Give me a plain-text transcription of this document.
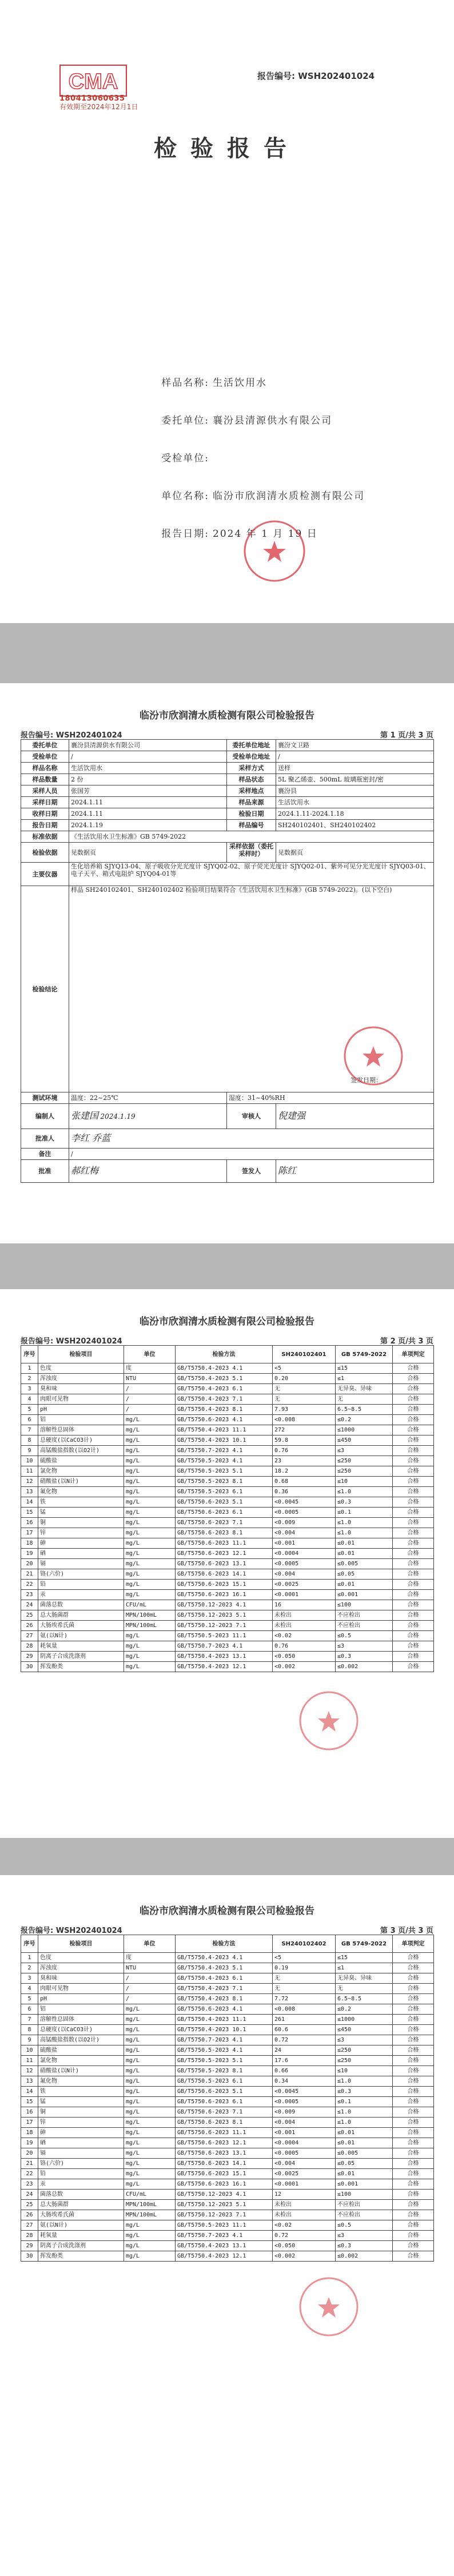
CMA
180413060635
有效期至2024年12月1日
报告编号: WSH202401024
检验报告
样品名称: 生活饮用水
委托单位: 襄汾县清源供水有限公司
受检单位:
单位名称: 临汾市欣润清水质检测有限公司
报告日期: 2024 年 1 月 19 日
临汾市欣润清水质检测有限公司检验报告
报告编号: WSH202401024	第 1 页/共 3 页
委托单位	襄汾县清源供水有限公司	委托单位地址	襄汾文卫路
受检单位	/	受检单位地址	/
样品名称	生活饮用水	采样方式	送样
样品数量	2 份	样品状态	5L 聚乙烯壶、500mL 玻璃瓶密封/密
采样人员	张国芳	采样地点	襄汾县
采样日期	2024.1.11	样品来源	生活饮用水
收样日期	2024.1.11	检验日期	2024.1.11-2024.1.18
报告日期	2024.1.19	样品编号	SH240102401、SH240102402
标准依据	《生活饮用水卫生标准》GB 5749-2022		
检验依据	见数据页	采样依据（委托采样时）	见数据页
主要仪器	生化培养箱 SJYQ13-04、原子吸收分光光度计 SJYQ02-02、原子荧光光度计 SJYQ02-01、紫外可见分光光度计 SJYQ03-01、电子天平、箱式电阻炉 SJYQ04-01等		
检验结论	样品 SH240102401、SH240102402 检验项目结果符合《生活饮用水卫生标准》(GB 5749-2022)。(以下空白)
签发日期：		

测试环境	温度：22~25℃	湿度：31~40%RH	
编制人	张建国 2024.1.19	审核人	倪建强
批准人	李红 乔蓝		
备注	/		
批准	郝红梅	签发人	陈红
临汾市欣润清水质检测有限公司检验报告
报告编号: WSH202401024	第 2 页/共 3 页
序号	检验项目	单位	检验方法	SH240102401	GB 5749-2022	单项判定
1	色度	度	GB/T5750.4-2023 4.1	<5	≤15	合格
2	浑浊度	NTU	GB/T5750.4-2023 5.1	0.20	≤1	合格
3	臭和味	/	GB/T5750.4-2023 6.1	无	无异臭、异味	合格
4	肉眼可见物	/	GB/T5750.4-2023 7.1	无	无	合格
5	pH	/	GB/T5750.4-2023 8.1	7.93	6.5~8.5	合格
6	铝	mg/L	GB/T5750.6-2023 4.1	<0.008	≤0.2	合格
7	溶解性总固体	mg/L	GB/T5750.4-2023 11.1	272	≤1000	合格
8	总硬度(以CaCO3计)	mg/L	GB/T5750.4-2023 10.1	59.8	≤450	合格
9	高锰酸盐指数(以O2计)	mg/L	GB/T5750.7-2023 4.1	0.76	≤3	合格
10	硫酸盐	mg/L	GB/T5750.5-2023 4.1	23	≤250	合格
11	氯化物	mg/L	GB/T5750.5-2023 5.1	18.2	≤250	合格
12	硝酸盐(以N计)	mg/L	GB/T5750.5-2023 8.1	0.68	≤10	合格
13	氟化物	mg/L	GB/T5750.5-2023 6.1	0.36	≤1.0	合格
14	铁	mg/L	GB/T5750.6-2023 5.1	<0.0045	≤0.3	合格
15	锰	mg/L	GB/T5750.6-2023 6.1	<0.0005	≤0.1	合格
16	铜	mg/L	GB/T5750.6-2023 7.1	<0.009	≤1.0	合格
17	锌	mg/L	GB/T5750.6-2023 8.1	<0.004	≤1.0	合格
18	砷	mg/L	GB/T5750.6-2023 11.1	<0.001	≤0.01	合格
19	硒	mg/L	GB/T5750.6-2023 12.1	<0.0004	≤0.01	合格
20	镉	mg/L	GB/T5750.6-2023 13.1	<0.0005	≤0.005	合格
21	铬(六价)	mg/L	GB/T5750.6-2023 14.1	<0.004	≤0.05	合格
22	铅	mg/L	GB/T5750.6-2023 15.1	<0.0025	≤0.01	合格
23	汞	mg/L	GB/T5750.6-2023 16.1	<0.0001	≤0.001	合格
24	菌落总数	CFU/mL	GB/T5750.12-2023 4.1	16	≤100	合格
25	总大肠菌群	MPN/100mL	GB/T5750.12-2023 5.1	未检出	不应检出	合格
26	大肠埃希氏菌	MPN/100mL	GB/T5750.12-2023 7.1	未检出	不应检出	合格
27	氨(以N计)	mg/L	GB/T5750.5-2023 11.1	<0.02	≤0.5	合格
28	耗氧量	mg/L	GB/T5750.7-2023 4.1	0.76	≤3	合格
29	阴离子合成洗涤剂	mg/L	GB/T5750.4-2023 13.1	<0.050	≤0.3	合格
30	挥发酚类	mg/L	GB/T5750.4-2023 12.1	<0.002	≤0.002	合格
临汾市欣润清水质检测有限公司检验报告
报告编号: WSH202401024	第 3 页/共 3 页
序号	检验项目	单位	检验方法	SH240102402	GB 5749-2022	单项判定
1	色度	度	GB/T5750.4-2023 4.1	<5	≤15	合格
2	浑浊度	NTU	GB/T5750.4-2023 5.1	0.19	≤1	合格
3	臭和味	/	GB/T5750.4-2023 6.1	无	无异臭、异味	合格
4	肉眼可见物	/	GB/T5750.4-2023 7.1	无	无	合格
5	pH	/	GB/T5750.4-2023 8.1	7.72	6.5~8.5	合格
6	铝	mg/L	GB/T5750.6-2023 4.1	<0.008	≤0.2	合格
7	溶解性总固体	mg/L	GB/T5750.4-2023 11.1	261	≤1000	合格
8	总硬度(以CaCO3计)	mg/L	GB/T5750.4-2023 10.1	60.6	≤450	合格
9	高锰酸盐指数(以O2计)	mg/L	GB/T5750.7-2023 4.1	0.72	≤3	合格
10	硫酸盐	mg/L	GB/T5750.5-2023 4.1	24	≤250	合格
11	氯化物	mg/L	GB/T5750.5-2023 5.1	17.6	≤250	合格
12	硝酸盐(以N计)	mg/L	GB/T5750.5-2023 8.1	0.66	≤10	合格
13	氟化物	mg/L	GB/T5750.5-2023 6.1	0.34	≤1.0	合格
14	铁	mg/L	GB/T5750.6-2023 5.1	<0.0045	≤0.3	合格
15	锰	mg/L	GB/T5750.6-2023 6.1	<0.0005	≤0.1	合格
16	铜	mg/L	GB/T5750.6-2023 7.1	<0.009	≤1.0	合格
17	锌	mg/L	GB/T5750.6-2023 8.1	<0.004	≤1.0	合格
18	砷	mg/L	GB/T5750.6-2023 11.1	<0.001	≤0.01	合格
19	硒	mg/L	GB/T5750.6-2023 12.1	<0.0004	≤0.01	合格
20	镉	mg/L	GB/T5750.6-2023 13.1	<0.0005	≤0.005	合格
21	铬(六价)	mg/L	GB/T5750.6-2023 14.1	<0.004	≤0.05	合格
22	铅	mg/L	GB/T5750.6-2023 15.1	<0.0025	≤0.01	合格
23	汞	mg/L	GB/T5750.6-2023 16.1	<0.0001	≤0.001	合格
24	菌落总数	CFU/mL	GB/T5750.12-2023 4.1	12	≤100	合格
25	总大肠菌群	MPN/100mL	GB/T5750.12-2023 5.1	未检出	不应检出	合格
26	大肠埃希氏菌	MPN/100mL	GB/T5750.12-2023 7.1	未检出	不应检出	合格
27	氨(以N计)	mg/L	GB/T5750.5-2023 11.1	<0.02	≤0.5	合格
28	耗氧量	mg/L	GB/T5750.7-2023 4.1	0.72	≤3	合格
29	阴离子合成洗涤剂	mg/L	GB/T5750.4-2023 13.1	<0.050	≤0.3	合格
30	挥发酚类	mg/L	GB/T5750.4-2023 12.1	<0.002	≤0.002	合格
